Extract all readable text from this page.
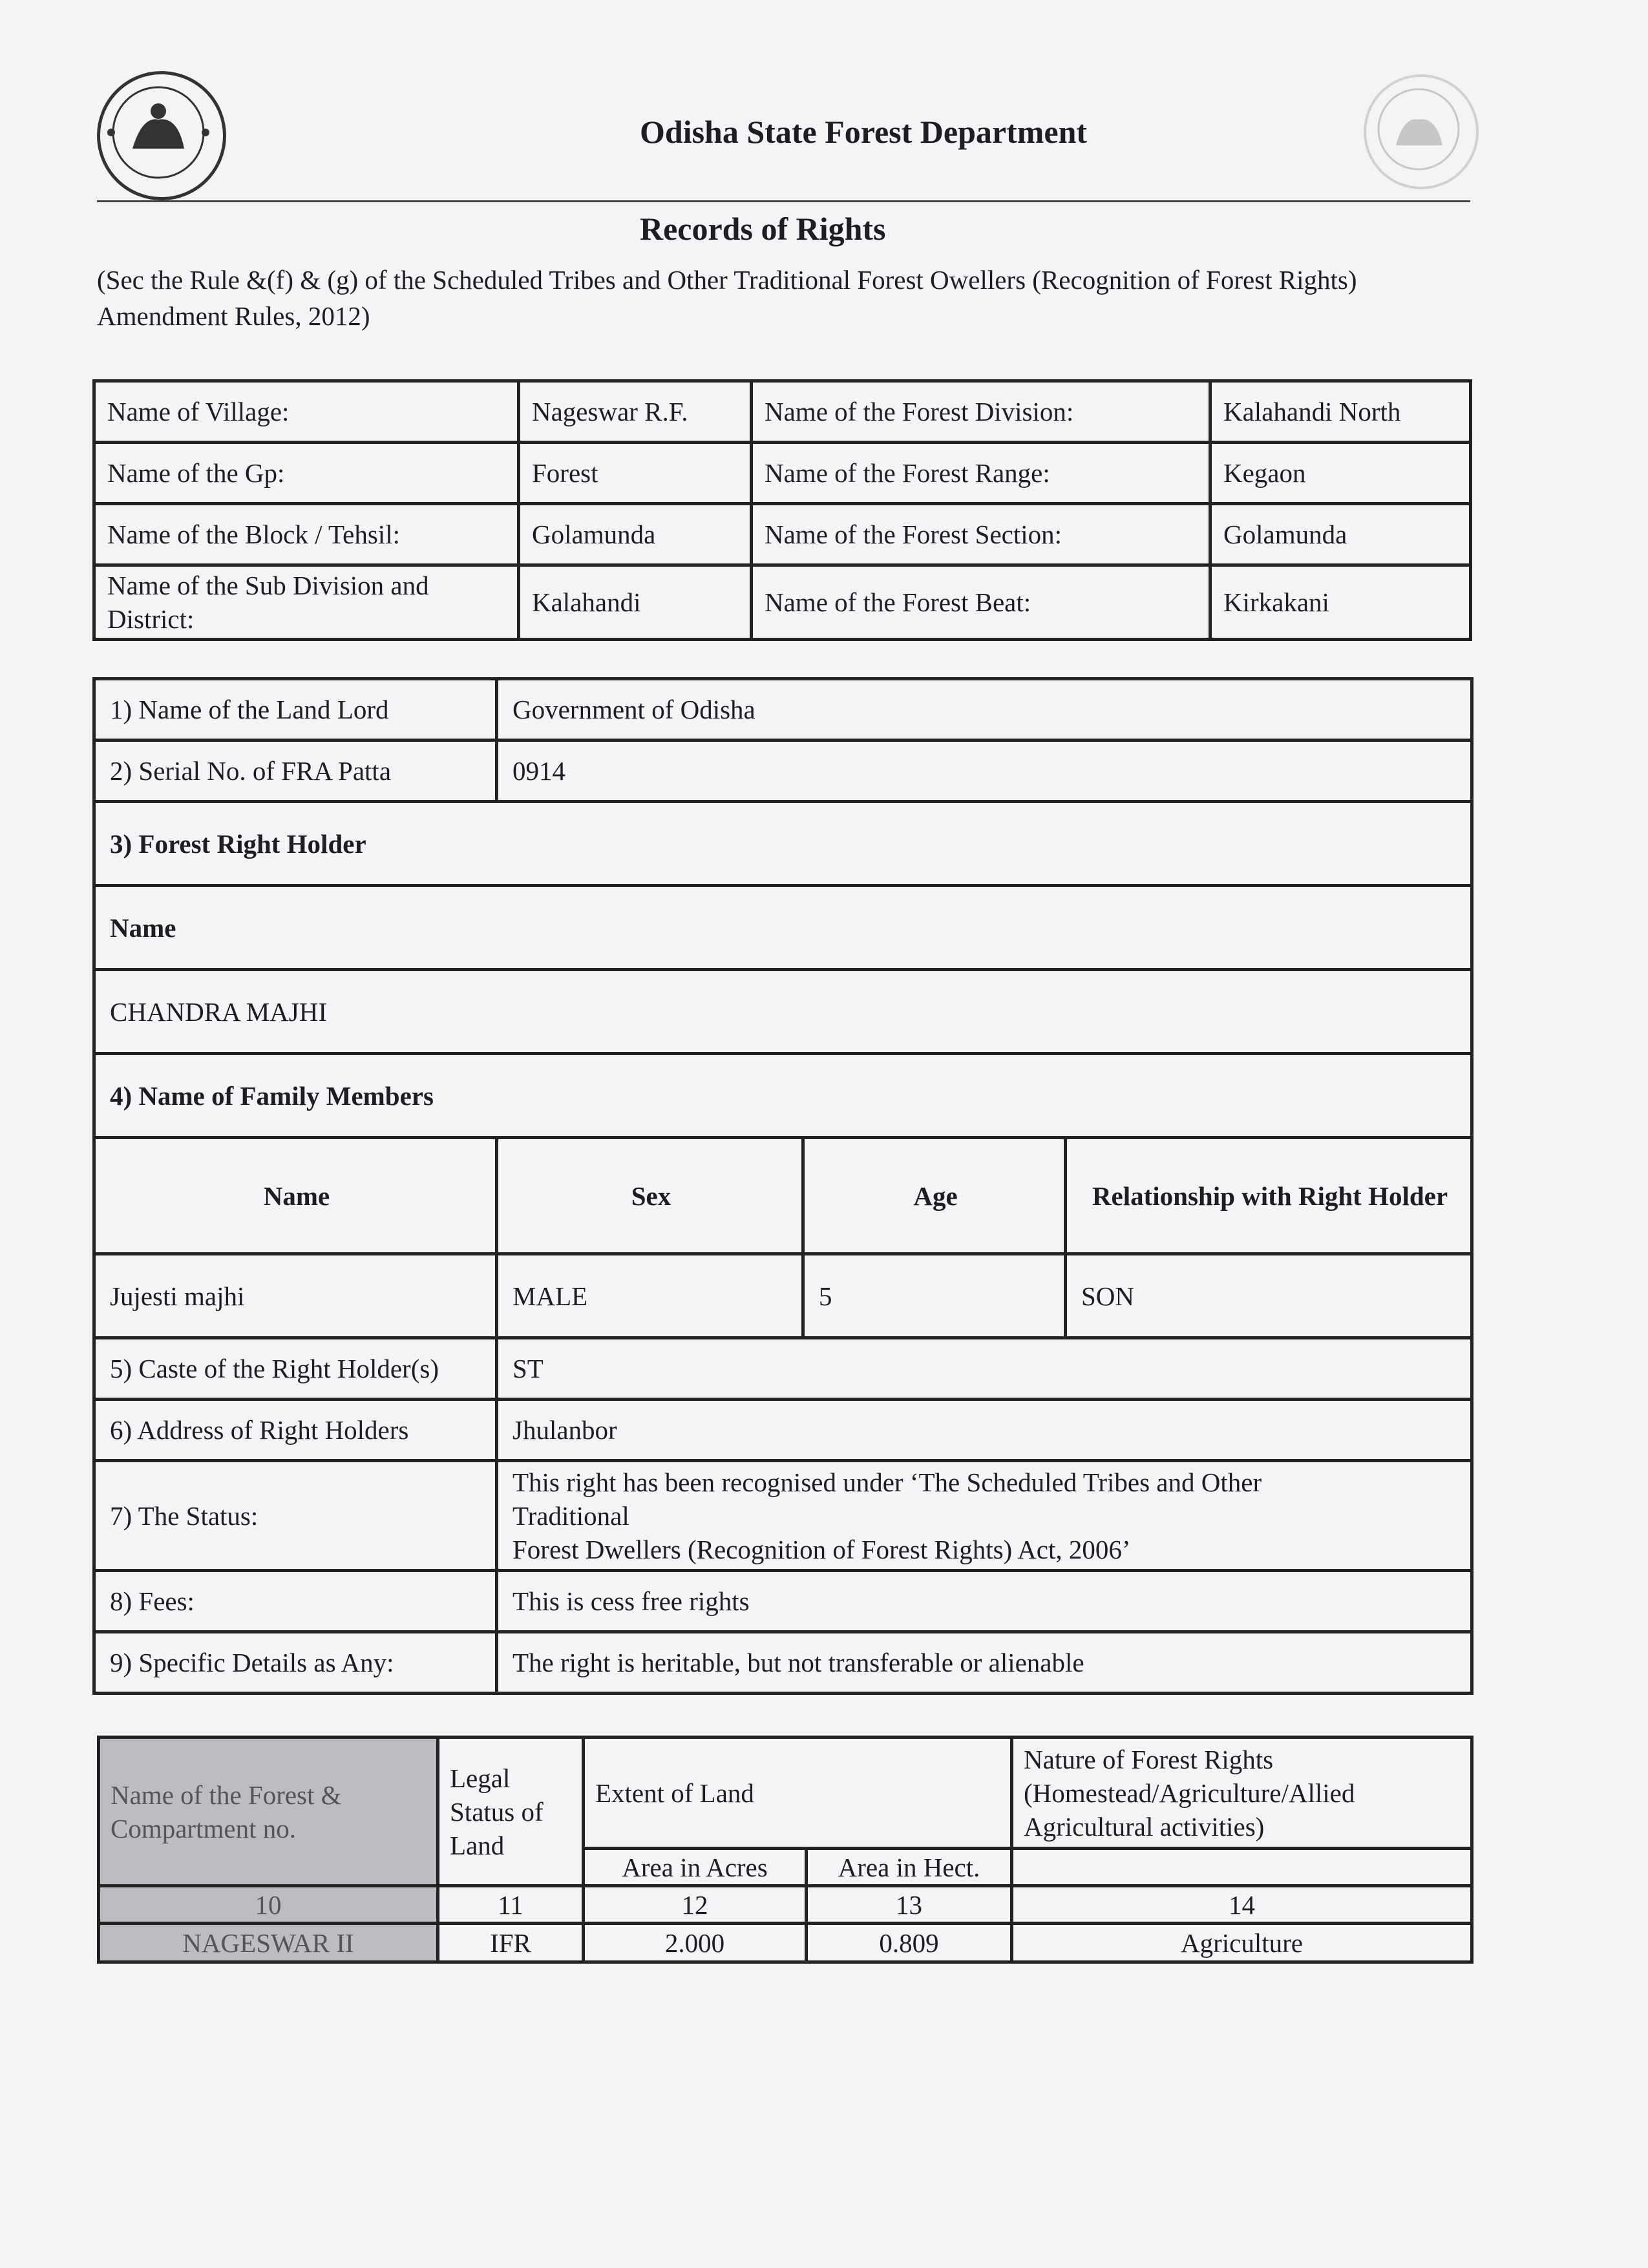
Odisha State Forest Department
Records of Rights
(Sec the Rule &(f) & (g) of the Scheduled Tribes and Other Traditional Forest Owellers (Recognition of Forest Rights) Amendment Rules, 2012)
Name of Village:	Nageswar R.F.	Name of the Forest Division:	Kalahandi North
Name of the Gp:	Forest	Name of the Forest Range:	Kegaon
Name of the Block / Tehsil:	Golamunda	Name of the Forest Section:	Golamunda
Name of the Sub Division and District:	Kalahandi	Name of the Forest Beat:	Kirkakani
1) Name of the Land Lord	Government of Odisha		
2) Serial No. of FRA Patta	0914		
3) Forest Right Holder			
Name			
CHANDRA MAJHI			
4) Name of Family Members			
Name	Sex	Age	Relationship with Right Holder
Jujesti majhi	MALE	5	SON
5) Caste of the Right Holder(s)	ST		
6) Address of Right Holders	Jhulanbor		
7) The Status:	This right has been recognised under ‘The Scheduled Tribes and Other
Traditional
Forest Dwellers (Recognition of Forest Rights) Act, 2006’		

8) Fees:	This is cess free rights		
9) Specific Details as Any:	The right is heritable, but not transferable or alienable		
Name of the Forest & Compartment no.	Legal Status of Land	Extent of Land		Nature of Forest Rights (Homestead/Agriculture/Allied Agricultural activities)
		Area in Acres	Area in Hect.	
10	11	12	13	14
NAGESWAR II	IFR	2.000	0.809	Agriculture
